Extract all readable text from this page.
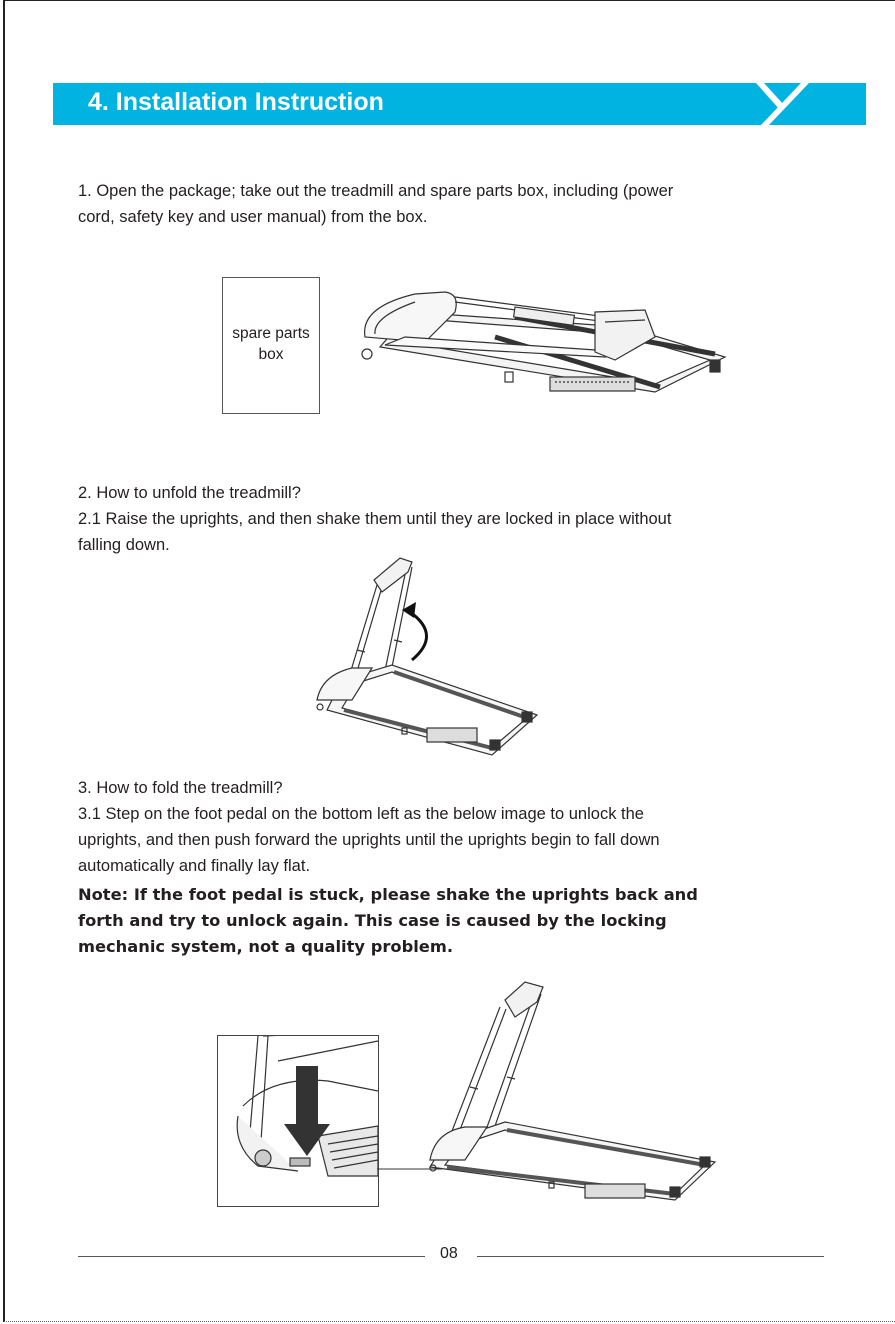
4. Installation Instruction

1. Open the package; take out the treadmill and spare parts box, including (power

cord, safety key and user manual) from the box.

spare parts
box

2. How to unfold the treadmill?

2.1 Raise the uprights, and then shake them until they are locked in place without

falling down.

3. How to fold the treadmill?

3.1 Step on the foot pedal on the bottom left as the below image to unlock the

uprights, and then push forward the uprights until the uprights begin to fall down

automatically and finally lay flat.

Note: If the foot pedal is stuck, please shake the uprights back and
forth and try to unlock again. This case is caused by the locking
mechanic system, not a quality problem.
08
